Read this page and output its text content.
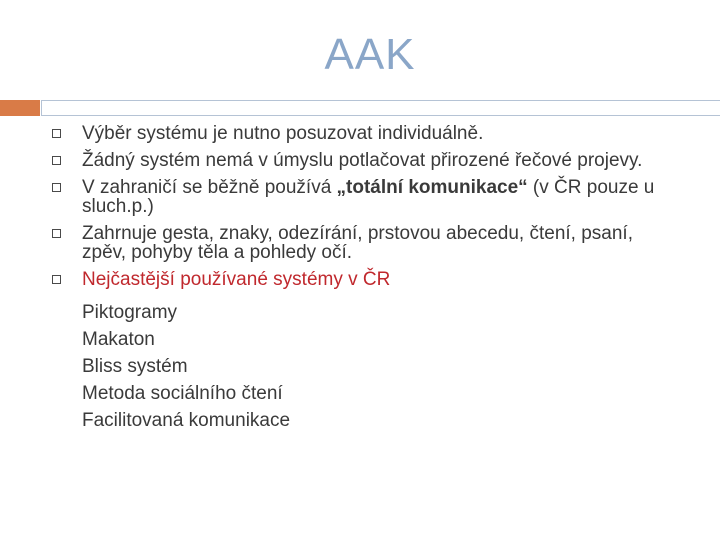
AAK
Výběr systému je nutno posuzovat individuálně.
Žádný systém nemá v úmyslu potlačovat přirozené řečové projevy.
V zahraničí se běžně používá „totální komunikace“ (v ČR pouze u sluch.p.)
Zahrnuje gesta, znaky, odezírání, prstovou abecedu, čtení, psaní, zpěv, pohyby těla a pohledy očí.
Nejčastější používané systémy v ČR
Piktogramy
Makaton
Bliss systém
Metoda sociálního čtení
Facilitovaná komunikace
